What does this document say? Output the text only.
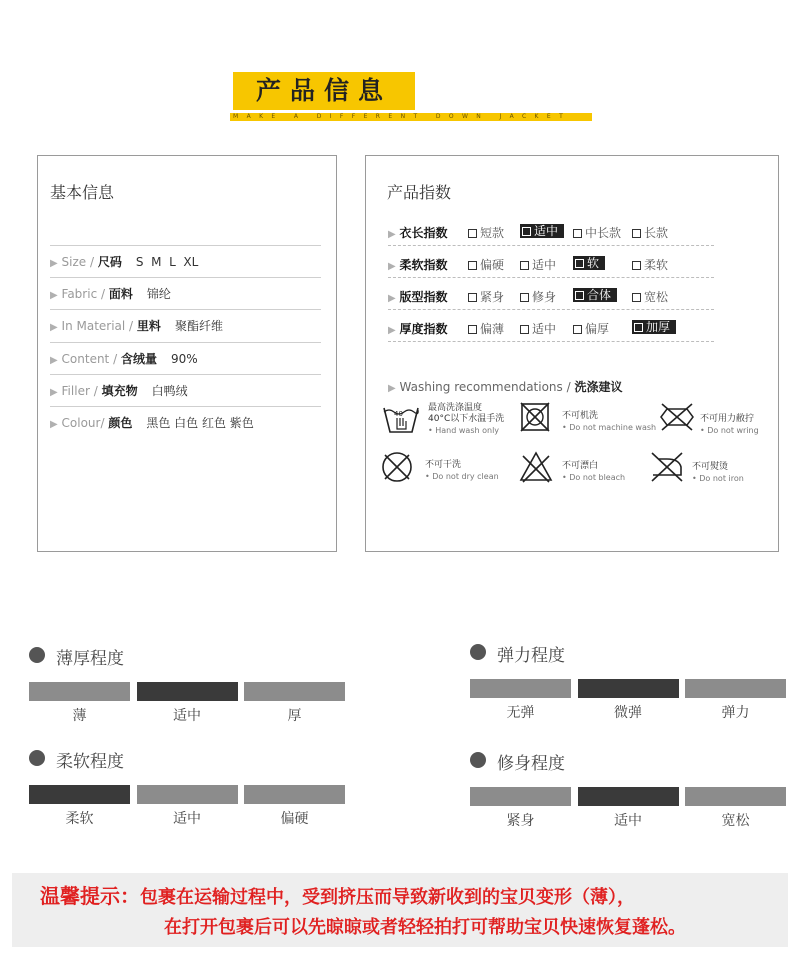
产品信息
MAKE A DIFFERENT DOWN JACKET
基本信息
▶ Size / 尺码 S  M  L  XL
▶ Fabric / 面料 锦纶
▶ In Material / 里料 聚酯纤维
▶ Content / 含绒量 90%
▶ Filler / 填充物 白鸭绒
▶ Colour/ 颜色 黑色 白色 红色 紫色
产品指数
▶ 衣长指数	短款	适中	中长款	长款
▶ 柔软指数	偏硬	适中	软	柔软
▶ 版型指数	紧身	修身	合体	宽松
▶ 厚度指数	偏薄	适中	偏厚	加厚
▶ Washing recommendations / 洗涤建议
40
最高洗涤温度
40°C以下水温手洗
• Hand wash only
不可机洗
• Do not machine wash
不可用力敝拧
• Do not wring
不可干洗
• Do not dry clean
不可漂白
• Do not bleach
不可熨烫
• Do not iron
薄厚程度
薄	适中	厚
弹力程度
无弹	微弹	弹力
柔软程度
柔软	适中	偏硬
修身程度
紧身	适中	宽松
温馨提示：包裹在运输过程中，受到挤压而导致新收到的宝贝变形（薄），
在打开包裹后可以先晾晾或者轻轻拍打可帮助宝贝快速恢复蓬松。
